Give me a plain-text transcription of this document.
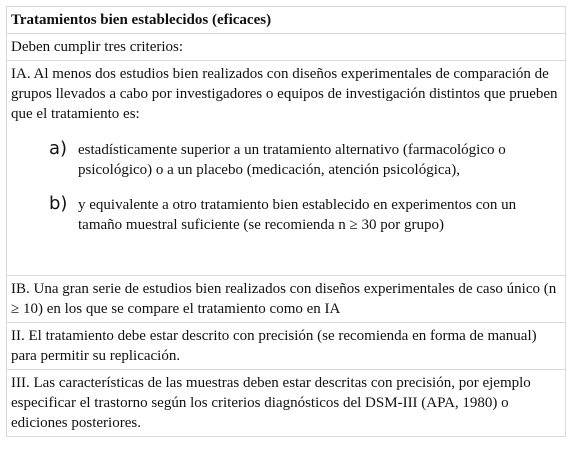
Tratamientos bien establecidos (eficaces)
Deben cumplir tres criterios:

IA. Al menos dos estudios bien realizados con diseños experimentales de comparación de grupos llevados a cabo por investigadores o equipos de investigación distintos que prueben que el tratamiento es:
a) estadísticamente superior a un tratamiento alternativo (farmacológico o psicológico) o a un placebo (medicación, atención psicológica),
b) y equivalente a otro tratamiento bien establecido en experimentos con un tamaño muestral suficiente (se recomienda n ≥ 30 por grupo)

IB. Una gran serie de estudios bien realizados con diseños experimentales de caso único (n ≥ 10) en los que se compare el tratamiento como en IA
II. El tratamiento debe estar descrito con precisión (se recomienda en forma de manual) para permitir su replicación.
III. Las características de las muestras deben estar descritas con precisión, por ejemplo especificar el trastorno según los criterios diagnósticos del DSM-III (APA, 1980) o ediciones posteriores.
